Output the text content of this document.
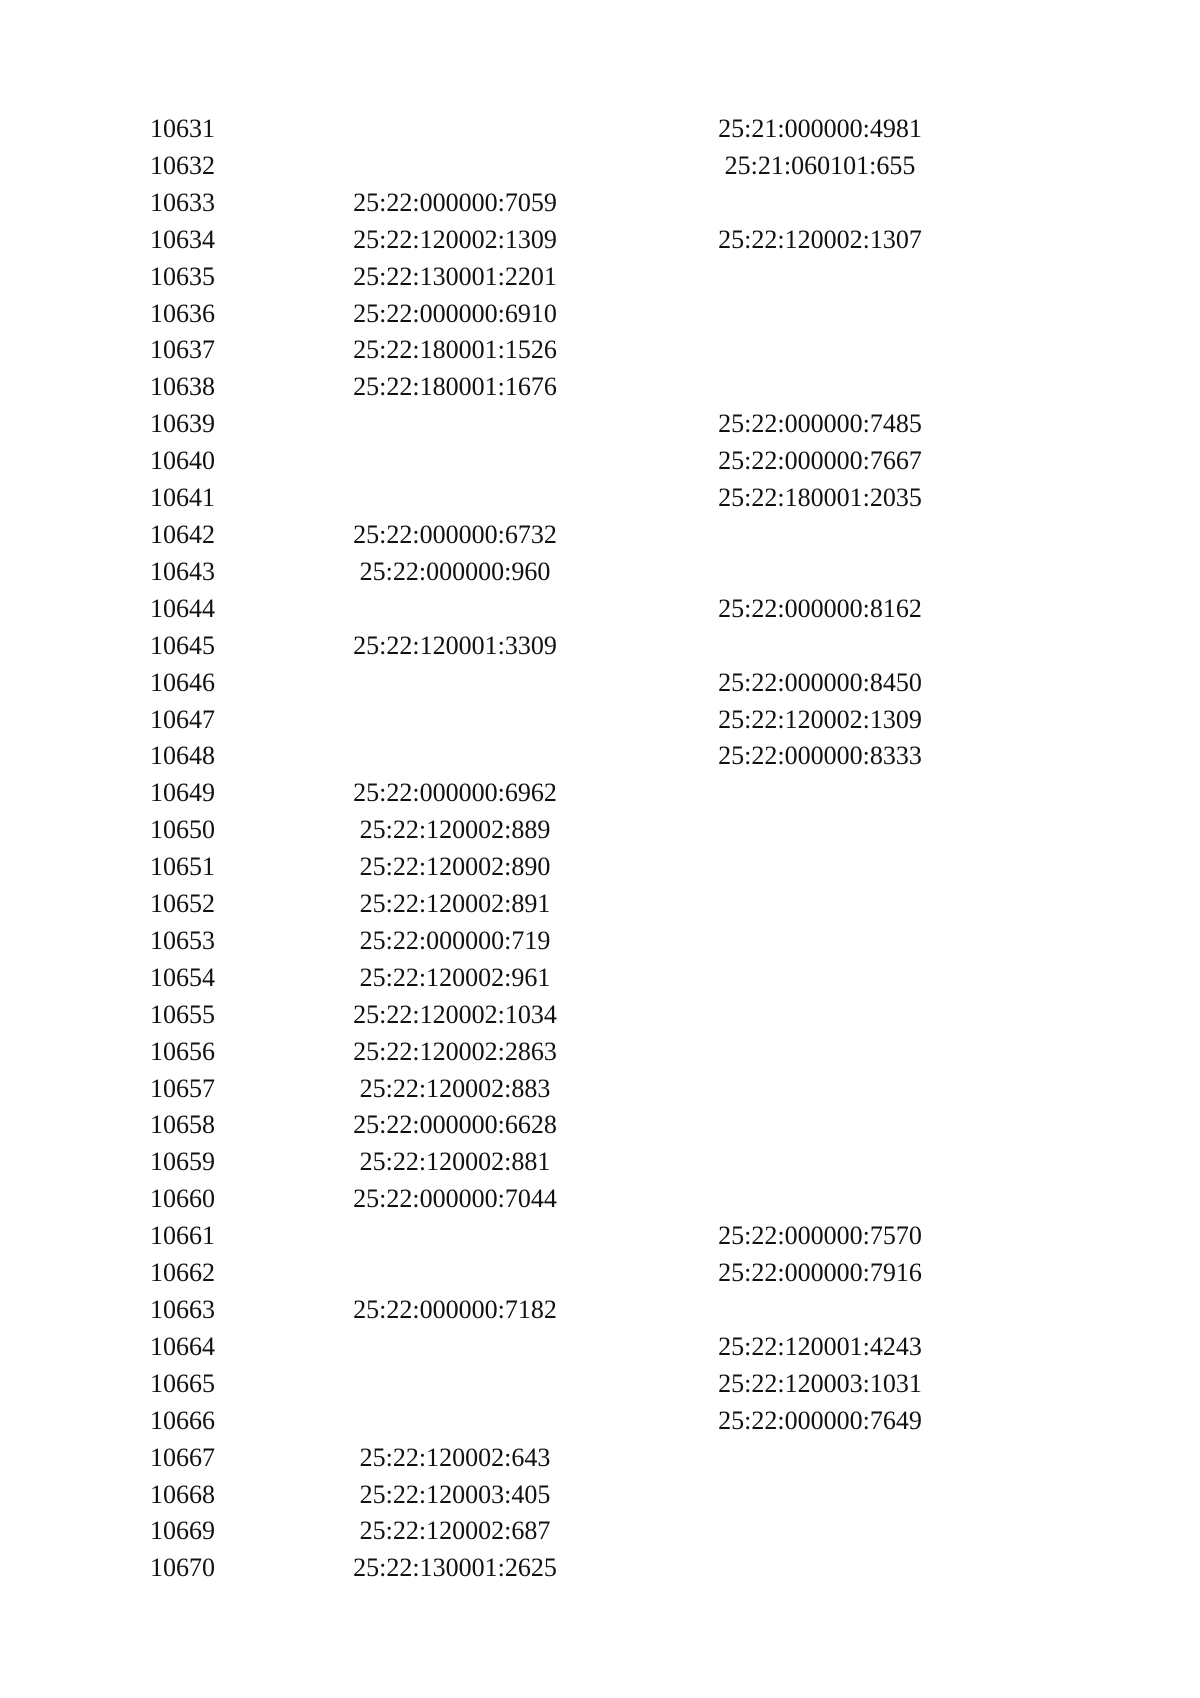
10631			25:21:000000:4981
10632			25:21:060101:655
10633	25:22:000000:7059		
10634	25:22:120002:1309		25:22:120002:1307
10635	25:22:130001:2201		
10636	25:22:000000:6910		
10637	25:22:180001:1526		
10638	25:22:180001:1676		
10639			25:22:000000:7485
10640			25:22:000000:7667
10641			25:22:180001:2035
10642	25:22:000000:6732		
10643	25:22:000000:960		
10644			25:22:000000:8162
10645	25:22:120001:3309		
10646			25:22:000000:8450
10647			25:22:120002:1309
10648			25:22:000000:8333
10649	25:22:000000:6962		
10650	25:22:120002:889		
10651	25:22:120002:890		
10652	25:22:120002:891		
10653	25:22:000000:719		
10654	25:22:120002:961		
10655	25:22:120002:1034		
10656	25:22:120002:2863		
10657	25:22:120002:883		
10658	25:22:000000:6628		
10659	25:22:120002:881		
10660	25:22:000000:7044		
10661			25:22:000000:7570
10662			25:22:000000:7916
10663	25:22:000000:7182		
10664			25:22:120001:4243
10665			25:22:120003:1031
10666			25:22:000000:7649
10667	25:22:120002:643		
10668	25:22:120003:405		
10669	25:22:120002:687		
10670	25:22:130001:2625		
